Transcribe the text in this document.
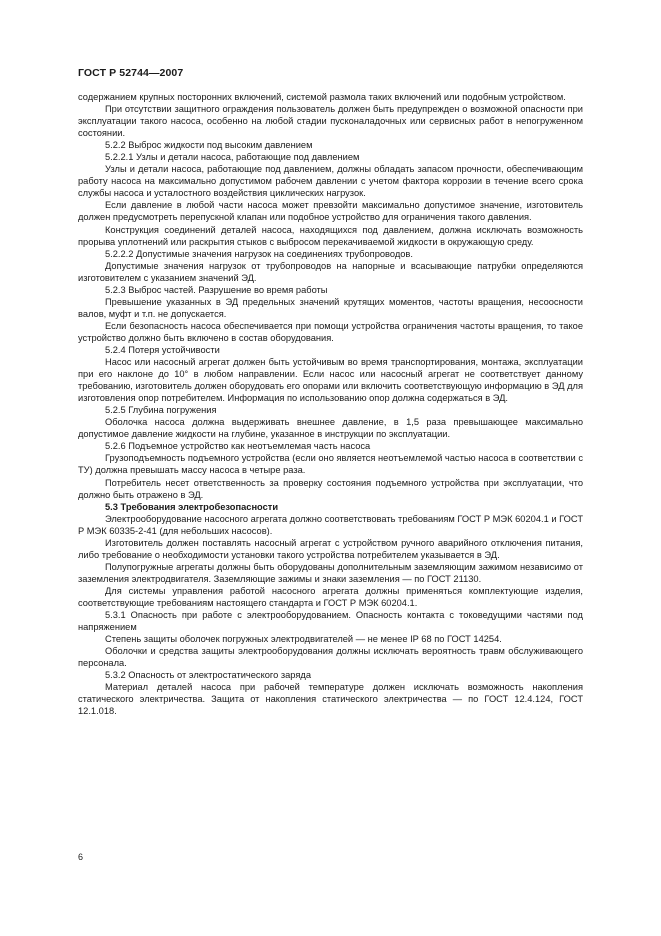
ГОСТ Р 52744—2007

содержанием крупных посторонних включений, системой размола таких включений или подобным устройством.

При отсутствии защитного ограждения пользователь должен быть предупрежден о возможной опасности при эксплуатации такого насоса, особенно на любой стадии пусконаладочных или сервисных работ в непогруженном состоянии.

5.2.2 Выброс жидкости под высоким давлением

5.2.2.1 Узлы и детали насоса, работающие под давлением

Узлы и детали насоса, работающие под давлением, должны обладать запасом прочности, обеспечивающим работу насоса на максимально допустимом рабочем давлении с учетом фактора коррозии в течение всего срока службы насоса и усталостного воздействия циклических нагрузок.

Если давление в любой части насоса может превзойти максимально допустимое значение, изготовитель должен предусмотреть перепускной клапан или подобное устройство для ограничения такого давления.

Конструкция соединений деталей насоса, находящихся под давлением, должна исключать возможность прорыва уплотнений или раскрытия стыков с выбросом перекачиваемой жидкости в окружающую среду.

5.2.2.2 Допустимые значения нагрузок на соединениях трубопроводов.

Допустимые значения нагрузок от трубопроводов на напорные и всасывающие патрубки определяются изготовителем с указанием значений ЭД.

5.2.3 Выброс частей. Разрушение во время работы

Превышение указанных в ЭД предельных значений крутящих моментов, частоты вращения, несоосности валов, муфт и т.п. не допускается.

Если безопасность насоса обеспечивается при помощи устройства ограничения частоты вращения, то такое устройство должно быть включено в состав оборудования.

5.2.4 Потеря устойчивости

Насос или насосный агрегат должен быть устойчивым во время транспортирования, монтажа, эксплуатации при его наклоне до 10° в любом направлении. Если насос или насосный агрегат не соответствует данному требованию, изготовитель должен оборудовать его опорами или включить соответствующую информацию в ЭД для изготовления опор потребителем. Информация по использованию опор должна содержаться в ЭД.

5.2.5 Глубина погружения

Оболочка насоса должна выдерживать внешнее давление, в 1,5 раза превышающее максимально допустимое давление жидкости на глубине, указанное в инструкции по эксплуатации.

5.2.6 Подъемное устройство как неотъемлемая часть насоса

Грузоподъемность подъемного устройства (если оно является неотъемлемой частью насоса в соответствии с ТУ) должна превышать массу насоса в четыре раза.

Потребитель несет ответственность за проверку состояния подъемного устройства при эксплуатации, что должно быть отражено в ЭД.

5.3 Требования электробезопасности

Электрооборудование насосного агрегата должно соответствовать требованиям ГОСТ Р МЭК 60204.1 и ГОСТ Р МЭК 60335-2-41 (для небольших насосов).

Изготовитель должен поставлять насосный агрегат с устройством ручного аварийного отключения питания, либо требование о необходимости установки такого устройства потребителем указывается в ЭД.

Полупогружные агрегаты должны быть оборудованы дополнительным заземляющим зажимом независимо от заземления электродвигателя. Заземляющие зажимы и знаки заземления — по ГОСТ 21130.

Для системы управления работой насосного агрегата должны применяться комплектующие изделия, соответствующие требованиям настоящего стандарта и ГОСТ Р МЭК 60204.1.

5.3.1 Опасность при работе с электрооборудованием. Опасность контакта с токоведущими частями под напряжением

Степень защиты оболочек погружных электродвигателей — не менее IP 68 по ГОСТ 14254.

Оболочки и средства защиты электрооборудования должны исключать вероятность травм обслуживающего персонала.

5.3.2 Опасность от электростатического заряда

Материал деталей насоса при рабочей температуре должен исключать возможность накопления статического электричества. Защита от накопления статического электричества — по ГОСТ 12.4.124, ГОСТ 12.1.018.

6
